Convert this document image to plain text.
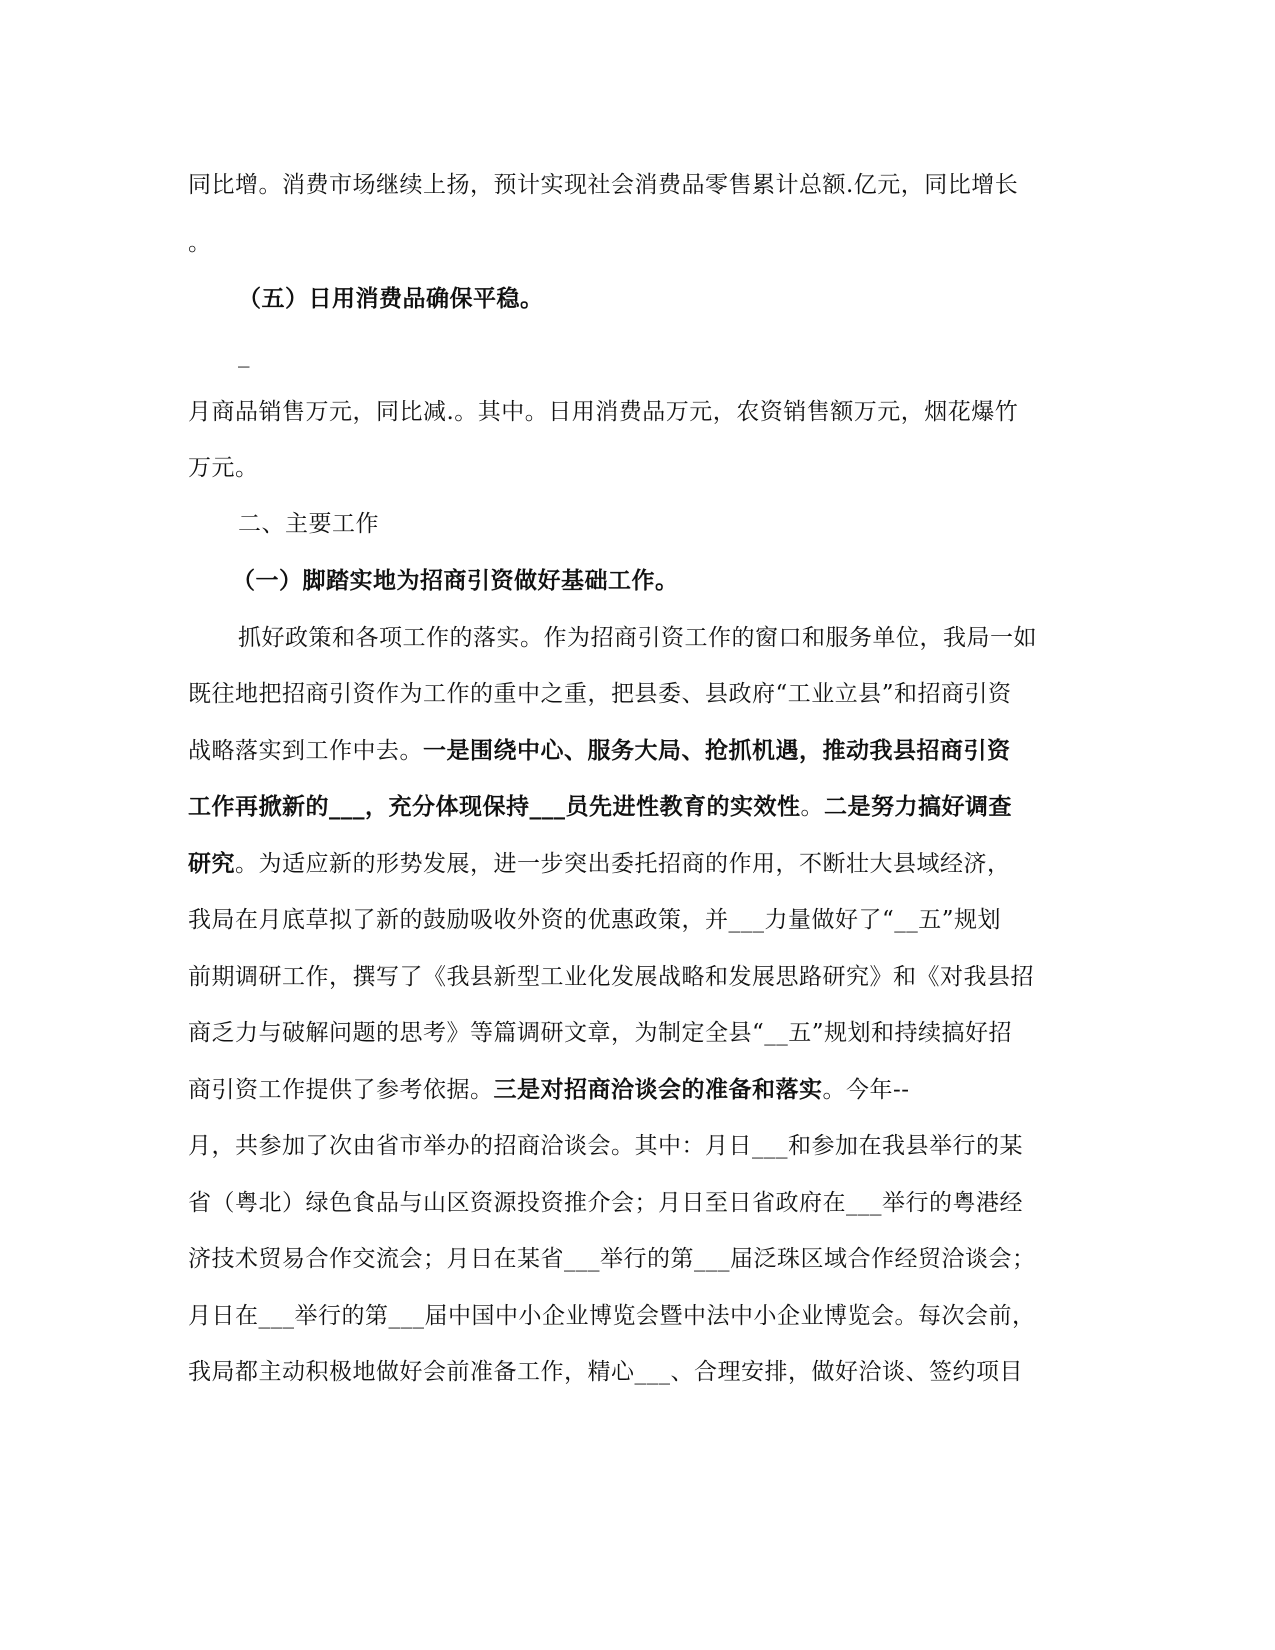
同比增。消费市场继续上扬，预计实现社会消费品零售累计总额.亿元，同比增长
。
（五）日用消费品确保平稳。
_
月商品销售万元，同比减.。其中。日用消费品万元，农资销售额万元，烟花爆竹
万元。
二、主要工作
（一）脚踏实地为招商引资做好基础工作。
抓好政策和各项工作的落实。作为招商引资工作的窗口和服务单位，我局一如
既往地把招商引资作为工作的重中之重，把县委、县政府“工业立县”和招商引资
战略落实到工作中去。一是围绕中心、服务大局、抢抓机遇，推动我县招商引资
工作再掀新的___，充分体现保持___员先进性教育的实效性。二是努力搞好调查
研究。为适应新的形势发展，进一步突出委托招商的作用，不断壮大县域经济，
我局在月底草拟了新的鼓励吸收外资的优惠政策，并___力量做好了“__五”规划
前期调研工作，撰写了《我县新型工业化发展战略和发展思路研究》和《对我县招
商乏力与破解问题的思考》等篇调研文章，为制定全县“__五”规划和持续搞好招
商引资工作提供了参考依据。三是对招商洽谈会的准备和落实。今年--
月，共参加了次由省市举办的招商洽谈会。其中：月日___和参加在我县举行的某
省（粤北）绿色食品与山区资源投资推介会；月日至日省政府在___举行的粤港经
济技术贸易合作交流会；月日在某省___举行的第___届泛珠区域合作经贸洽谈会；
月日在___举行的第___届中国中小企业博览会暨中法中小企业博览会。每次会前，
我局都主动积极地做好会前准备工作，精心___、合理安排，做好洽谈、签约项目
